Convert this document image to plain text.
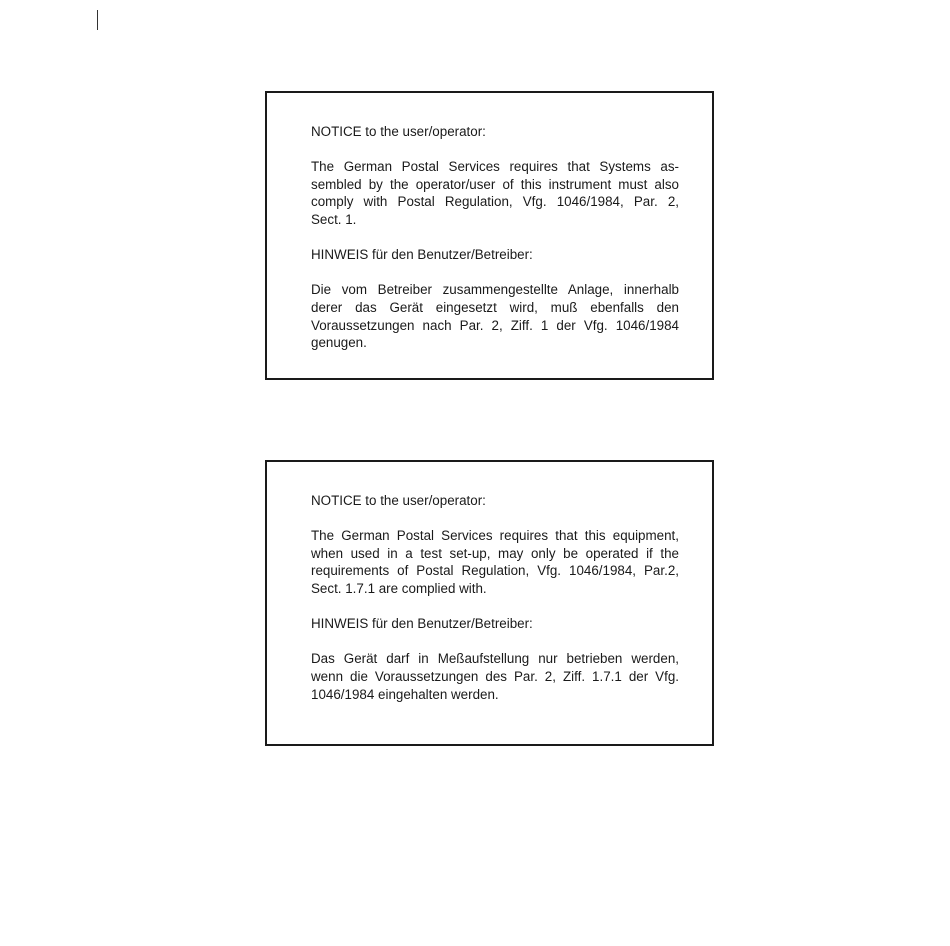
NOTICE to the user/operator:

The German Postal Services requires that Systems as-
sembled by the operator/user of this instrument must also
comply with Postal Regulation, Vfg. 1046/1984, Par. 2,
Sect. 1.

HINWEIS für den Benutzer/Betreiber:

Die vom Betreiber zusammengestellte Anlage, innerhalb
derer das Gerät eingesetzt wird, muß ebenfalls den
Voraussetzungen nach Par. 2, Ziff. 1 der Vfg. 1046/1984
genugen.

NOTICE to the user/operator:

The German Postal Services requires that this equipment,
when used in a test set-up, may only be operated if the
requirements of Postal Regulation, Vfg. 1046/1984, Par.2,
Sect. 1.7.1 are complied with.

HINWEIS für den Benutzer/Betreiber:

Das Gerät darf in Meßaufstellung nur betrieben werden,
wenn die Voraussetzungen des Par. 2, Ziff. 1.7.1 der Vfg.
1046/1984 eingehalten werden.
